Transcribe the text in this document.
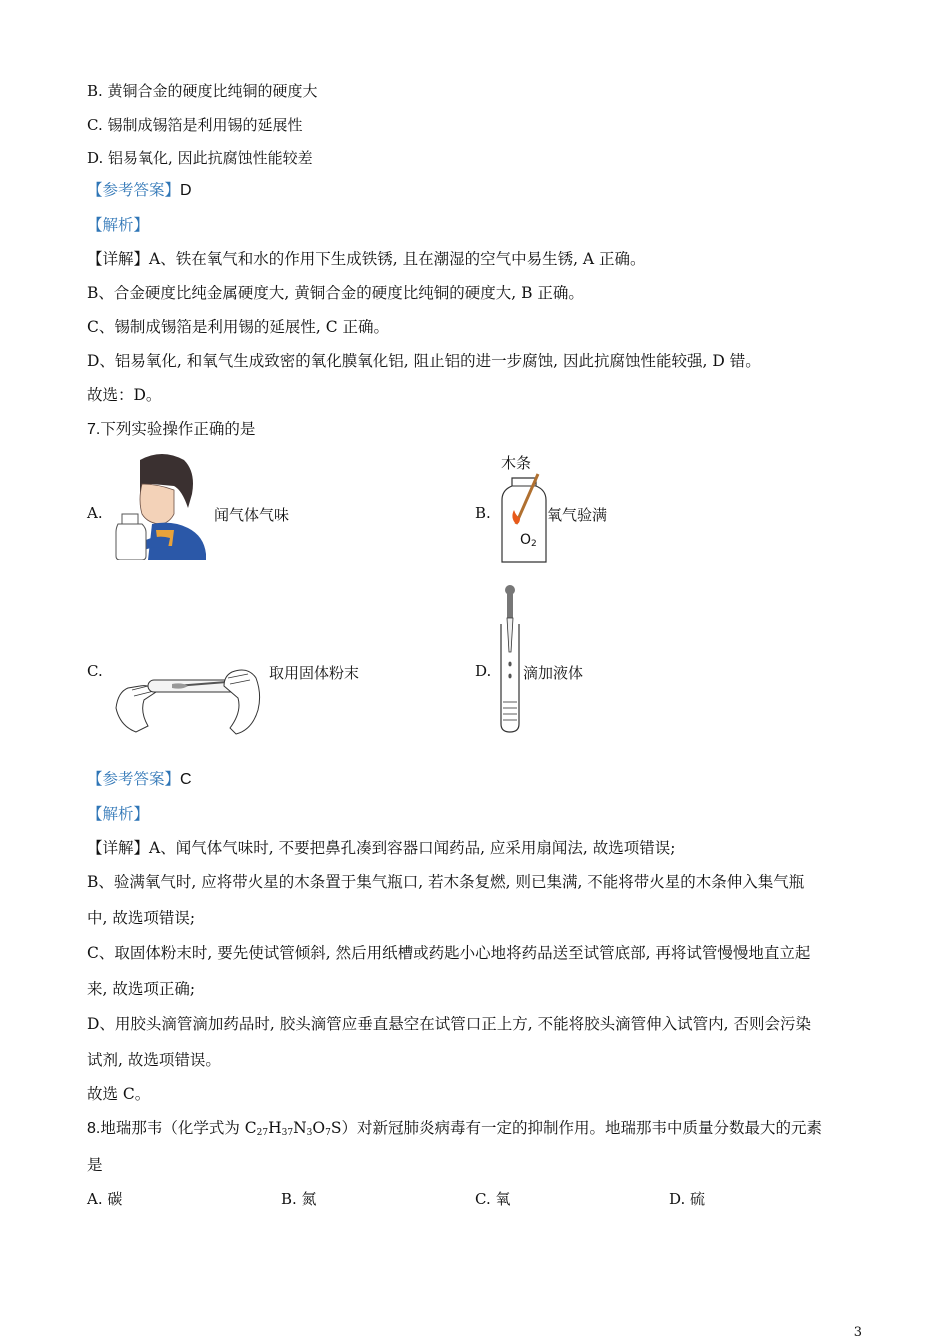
B. 黄铜合金的硬度比纯铜的硬度大
C. 锡制成锡箔是利用锡的延展性
D. 铝易氧化, 因此抗腐蚀性能较差
【参考答案】D
【解析】
【详解】A、铁在氧气和水的作用下生成铁锈, 且在潮湿的空气中易生锈, A 正确。
B、合金硬度比纯金属硬度大, 黄铜合金的硬度比纯铜的硬度大, B 正确。
C、锡制成锡箔是利用锡的延展性, C 正确。
D、铝易氧化, 和氧气生成致密的氧化膜氧化铝, 阻止铝的进一步腐蚀, 因此抗腐蚀性能较强, D 错。
故选：D。
7.下列实验操作正确的是
A.	闻气体气味	B.
木条
$O_2$
氧气验满
C.	取用固体粉末	D. 滴加液体
【参考答案】C
【解析】
【详解】A、闻气体气味时, 不要把鼻孔凑到容器口闻药品, 应采用扇闻法, 故选项错误;
B、验满氧气时, 应将带火星的木条置于集气瓶口, 若木条复燃, 则已集满, 不能将带火星的木条伸入集气瓶
中, 故选项错误;
C、取固体粉末时, 要先使试管倾斜, 然后用纸槽或药匙小心地将药品送至试管底部, 再将试管慢慢地直立起
来, 故选项正确;
D、用胶头滴管滴加药品时, 胶头滴管应垂直悬空在试管口正上方, 不能将胶头滴管伸入试管内, 否则会污染
试剂, 故选项错误。
故选 C。
8.地瑞那韦（化学式为 $C_{27}H_{37}N_3O_7S$）对新冠肺炎病毒有一定的抑制作用。地瑞那韦中质量分数最大的元素
是
A. 碳	B. 氮	C. 氧	D. 硫
3
